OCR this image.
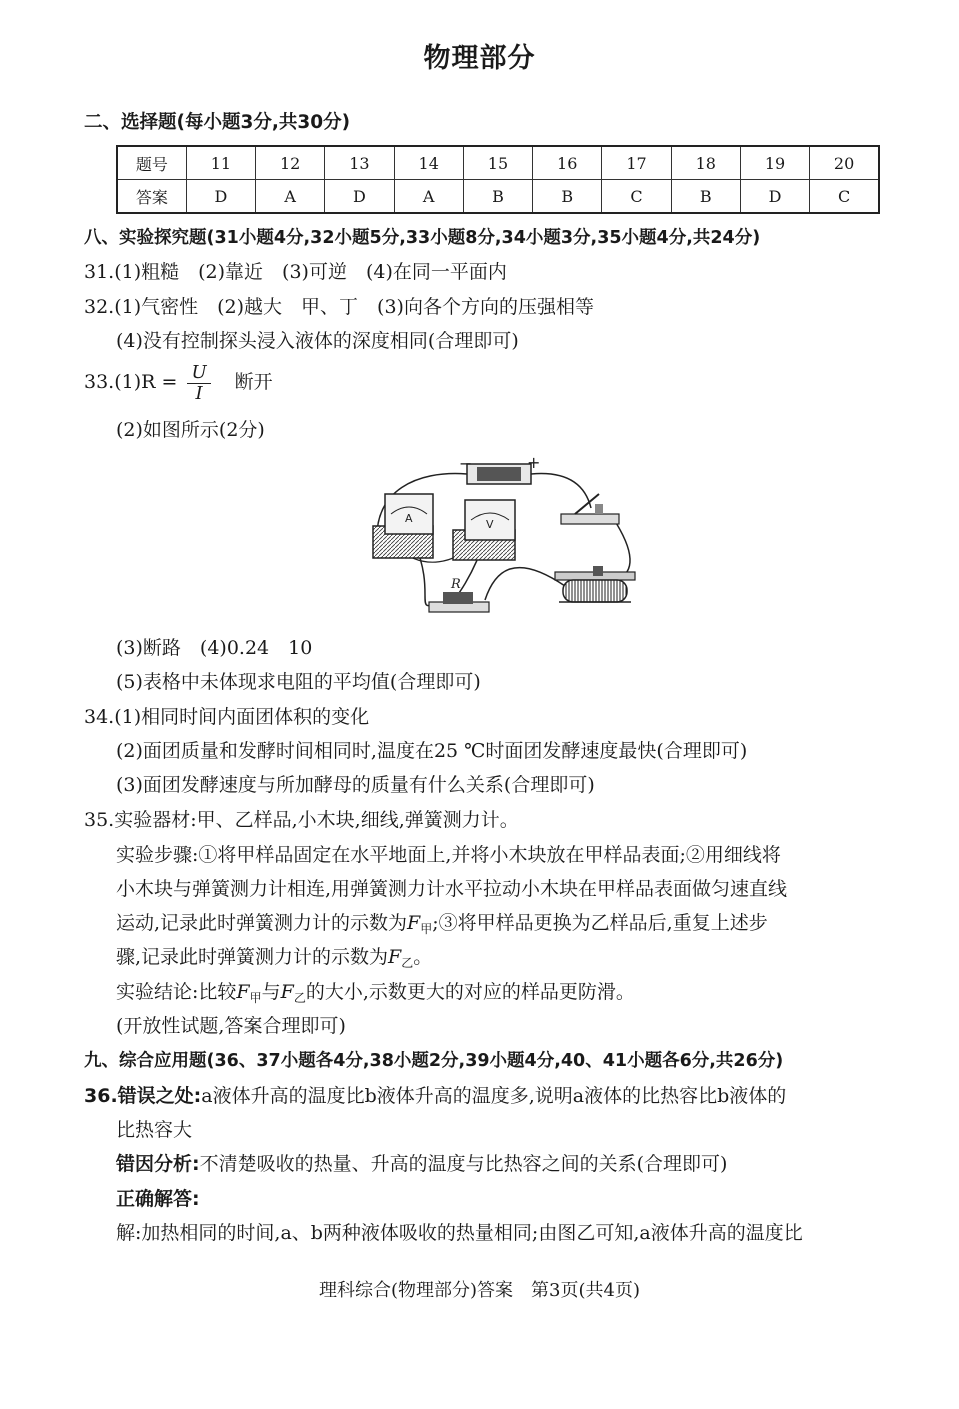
物理部分
二、选择题(每小题3分,共30分)
题号	11	12	13	14	15	16	17	18	19	20
答案	D	A	D	A	B	B	C	B	D	C
八、实验探究题(31小题4分,32小题5分,33小题8分,34小题3分,35小题4分,共24分)
31.(1)粗糙　(2)靠近　(3)可逆　(4)在同一平面内
32.(1)气密性　(2)越大　甲、丁　(3)向各个方向的压强相等
(4)没有控制探头浸入液体的深度相同(合理即可)
$33.(1)R = \frac{U}{I}$ 断开
(2)如图所示(2分)
−	+
A	V
R
(3)断路　(4)0.24　10
(5)表格中未体现求电阻的平均值(合理即可)
34.(1)相同时间内面团体积的变化
(2)面团质量和发酵时间相同时,温度在25 ℃时面团发酵速度最快(合理即可)
(3)面团发酵速度与所加酵母的质量有什么关系(合理即可)
35.实验器材:甲、乙样品,小木块,细线,弹簧测力计。
实验步骤:①将甲样品固定在水平地面上,并将小木块放在甲样品表面;②用细线将
小木块与弹簧测力计相连,用弹簧测力计水平拉动小木块在甲样品表面做匀速直线
运动,记录此时弹簧测力计的示数为$F_甲;③$将甲样品更换为乙样品后,重复上述步
骤,记录此时弹簧测力计的示数为$F_乙$。
实验结论:比较$F_甲$与$F_乙$的大小,示数更大的对应的样品更防滑。
(开放性试题,答案合理即可)
九、综合应用题(36、37小题各4分,38小题2分,39小题4分,40、41小题各6分,共26分)
36.错误之处:a液体升高的温度比b液体升高的温度多,说明a液体的比热容比b液体的
比热容大
错因分析:不清楚吸收的热量、升高的温度与比热容之间的关系(合理即可)
正确解答:
解:加热相同的时间,a、b两种液体吸收的热量相同;由图乙可知,a液体升高的温度比
理科综合(物理部分)答案　第3页(共4页)
